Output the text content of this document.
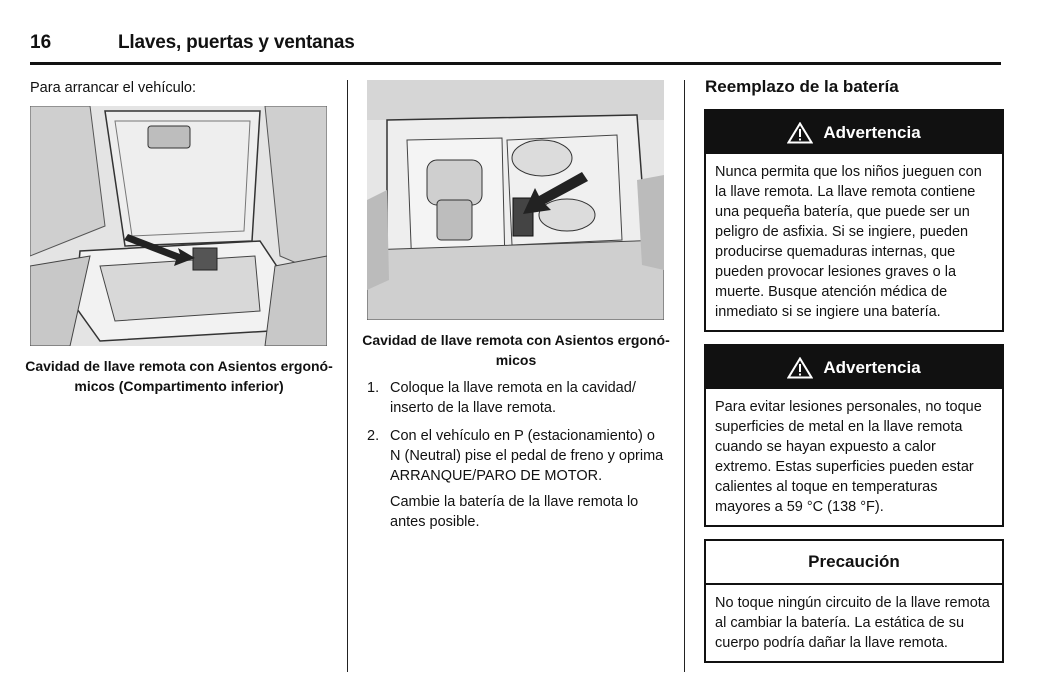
16	Llaves, puertas y ventanas
Para arrancar el vehículo:
Cavidad de llave remota con Asientos ergonó- micos (Compartimento inferior)
Cavidad de llave remota con Asientos ergonó- micos
1. Coloque la llave remota en la cavidad/ inserto de la llave remota.
2. Con el vehículo en P (estacionamiento) o N (Neutral) pise el pedal de freno y oprima ARRANQUE/PARO DE MOTOR.
Cambie la batería de la llave remota lo antes posible.
Reemplazo de la batería
Advertencia
Nunca permita que los niños jueguen con la llave remota. La llave remota contiene una pequeña batería, que puede ser un peligro de asfixia. Si se ingiere, pueden producirse quemaduras internas, que pueden provocar lesiones graves o la muerte. Busque atención médica de inmediato si se ingiere una batería.
Advertencia
Para evitar lesiones personales, no toque superficies de metal en la llave remota cuando se hayan expuesto a calor extremo. Estas superficies pueden estar calientes al toque en temperaturas mayores a 59 °C (138 °F).
Precaución
No toque ningún circuito de la llave remota al cambiar la batería. La estática de su cuerpo podría dañar la llave remota.
